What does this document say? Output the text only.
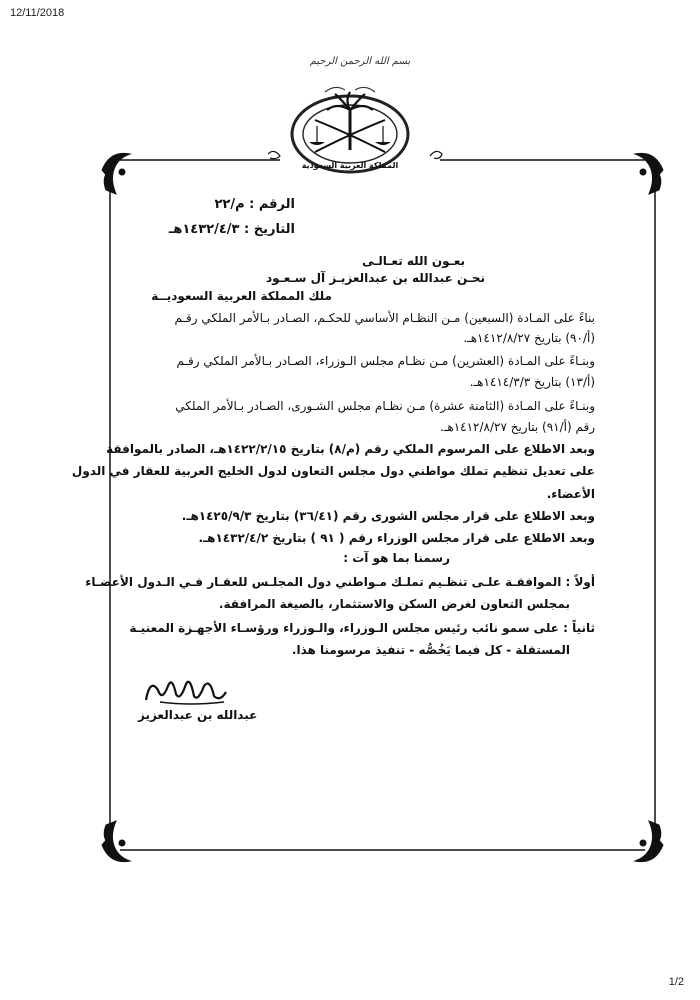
12/11/2018
بسم الله الرحمن الرحيم
المملكة العربية السعودية
الرقم : م/٢٢
التاريخ : ١٤٣٢/٤/٣هـ
بعـون الله تعـالـى
نحـن عبدالله بن عبدالعزيـز آل سـعـود
ملك المملكة العربية السعوديــة
بناءً على المـادة (السبعين) مـن النظـام الأساسي للحكـم، الصـادر بـالأمر الملكي رقـم
(أ/٩٠) بتاريخ ١٤١٢/٨/٢٧هـ.
وبنـاءً على المـادة (العشرين) مـن نظـام مجلس الـوزراء، الصـادر بـالأمر الملكي رقـم
(أ/١٣) بتاريخ ١٤١٤/٣/٣هـ.
وبنـاءً على المـادة (الثامنة عشرة) مـن نظـام مجلس الشـورى، الصـادر بـالأمر الملكي
رقم (أ/٩١) بتاريخ ١٤١٢/٨/٢٧هـ.
وبعد الاطلاع على المرسوم الملكي رقم (م/٨) بتاريخ ١٤٢٢/٢/١٥هـ، الصادر بالموافقة
على تعديل تنظيم تملك مواطني دول مجلس التعاون لدول الخليج العربية للعقار في الدول
الأعضاء.
وبعد الاطلاع على قرار مجلس الشورى رقم (٣٦/٤١) بتاريخ ١٤٢٥/٩/٣هـ.
وبعد الاطلاع على قرار مجلس الوزراء رقم ( ٩١ ) بتاريخ ١٤٣٢/٤/٢هـ.
رسمنا بما هو آت :
أولاً : الموافقـة علـى تنظـيم تملـك مـواطني دول المجلـس للعقـار فـي الـدول الأعضـاء
بمجلس التعاون لغرض السكن والاستثمار، بالصيغة المرافقة.
ثانياً : على سمو نائب رئيس مجلس الـوزراء، والـوزراء ورؤسـاء الأجهـزة المعنيـة
المستقلة - كل فيما يَخُصُّه - تنفيذ مرسومنا هذا.
عبدالله بن عبدالعزيز
1/2
